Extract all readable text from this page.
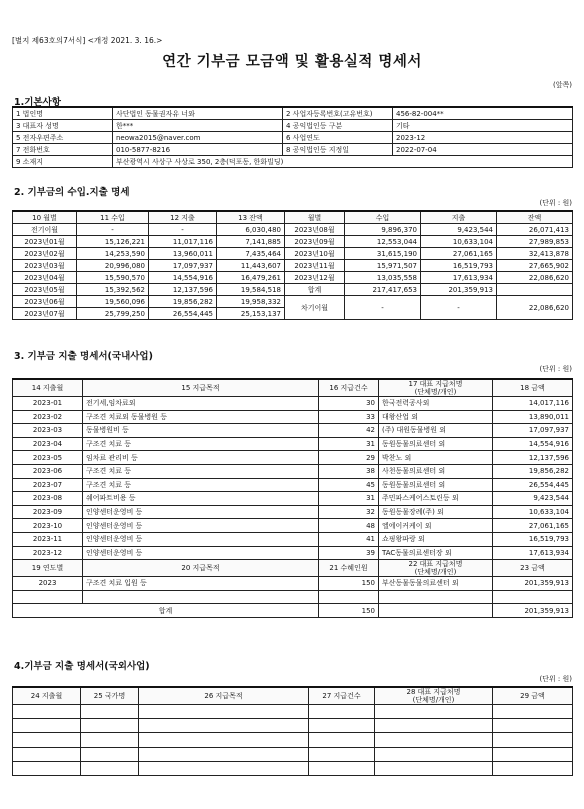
[별지 제63호의7서식] <개정 2021. 3. 16.>
연간 기부금 모금액 및 활용실적 명세서
(앞쪽)
1.기본사항
1 법인명	사단법인 동물권자유 너와	2 사업자등록번호(고유번호)	456-82-004**
3 대표자 성명	한***	4 공익법인등 구분	기타
5 전자우편주소	neowa2015@naver.com	6 사업연도	2023-12
7 전화번호	010-5877-8216	8 공익법인등 지정일	2022-07-04
9 소재지	부산광역시 사상구 사상로 350, 2층(덕포동, 한화빌딩)		
2. 기부금의 수입.지출 명세
(단위 : 원)
10 월별	11 수입	12 지출	13 잔액	월별	수입	지출	잔액
전기이월	-	-	6,030,480	2023년08월	9,896,370	9,423,544	26,071,413
2023년01월	15,126,221	11,017,116	7,141,885	2023년09월	12,553,044	10,633,104	27,989,853
2023년02월	14,253,590	13,960,011	7,435,464	2023년10월	31,615,190	27,061,165	32,413,878
2023년03월	20,996,080	17,097,937	11,443,607	2023년11월	15,971,507	16,519,793	27,665,902
2023년04월	15,590,570	14,554,916	16,479,261	2023년12월	13,035,558	17,613,934	22,086,620
2023년05월	15,392,562	12,137,596	19,584,518	합계	217,417,653	201,359,913	
2023년06월	19,560,096	19,856,282	19,958,332	차기이월	-	-	22,086,620
2023년07월	25,799,250	26,554,445	25,153,137				
3. 기부금 지출 명세서(국내사업)
(단위 : 원)
14 지출월	15 지급목적	16 지급건수	17 대표 지급처명
(단체명/개인)	18 금액
2023-01	전기세,임차료외	30	한국전력공사외	14,017,116
2023-02	구조견 치료외 동물병원 등	33	대왕산업 외	13,890,011
2023-03	동물병원비 등	42	(주) 대원동물병원 외	17,097,937
2023-04	구조견 치료 등	31	동원동물의료센터 외	14,554,916
2023-05	임차료 관리비 등	29	박찬노 외	12,137,596
2023-06	구조견 치료 등	38	사천동물의료센터 외	19,856,282
2023-07	구조견 치료 등	45	동원동물의료센터 외	26,554,445
2023-08	쉐어파트비용 등	31	주민파스케어스토린등 외	9,423,544
2023-09	인양센터운영비 등	32	동원동물장례(주) 외	10,633,104
2023-10	인양센터운영비 등	48	엘에이커케이 외	27,061,165
2023-11	인양센터운영비 등	41	쇼핑왕파랑 외	16,519,793
2023-12	인양센터운영비 등	39	TAC동물의료센터장 외	17,613,934
19 연도별	20 지급목적	21 수혜인원	22 대표 지급처명
(단체명/개인)	23 금액
2023	구조견 치료 입원 등	150	부산동물동물의료센터 외	201,359,913

합계		150		201,359,913
4.기부금 지출 명세서(국외사업)
(단위 : 원)
24 지출월	25 국가명	26 지급목적	27 지급건수	28 대표 지급처명
(단체명/개인)	29 금액
